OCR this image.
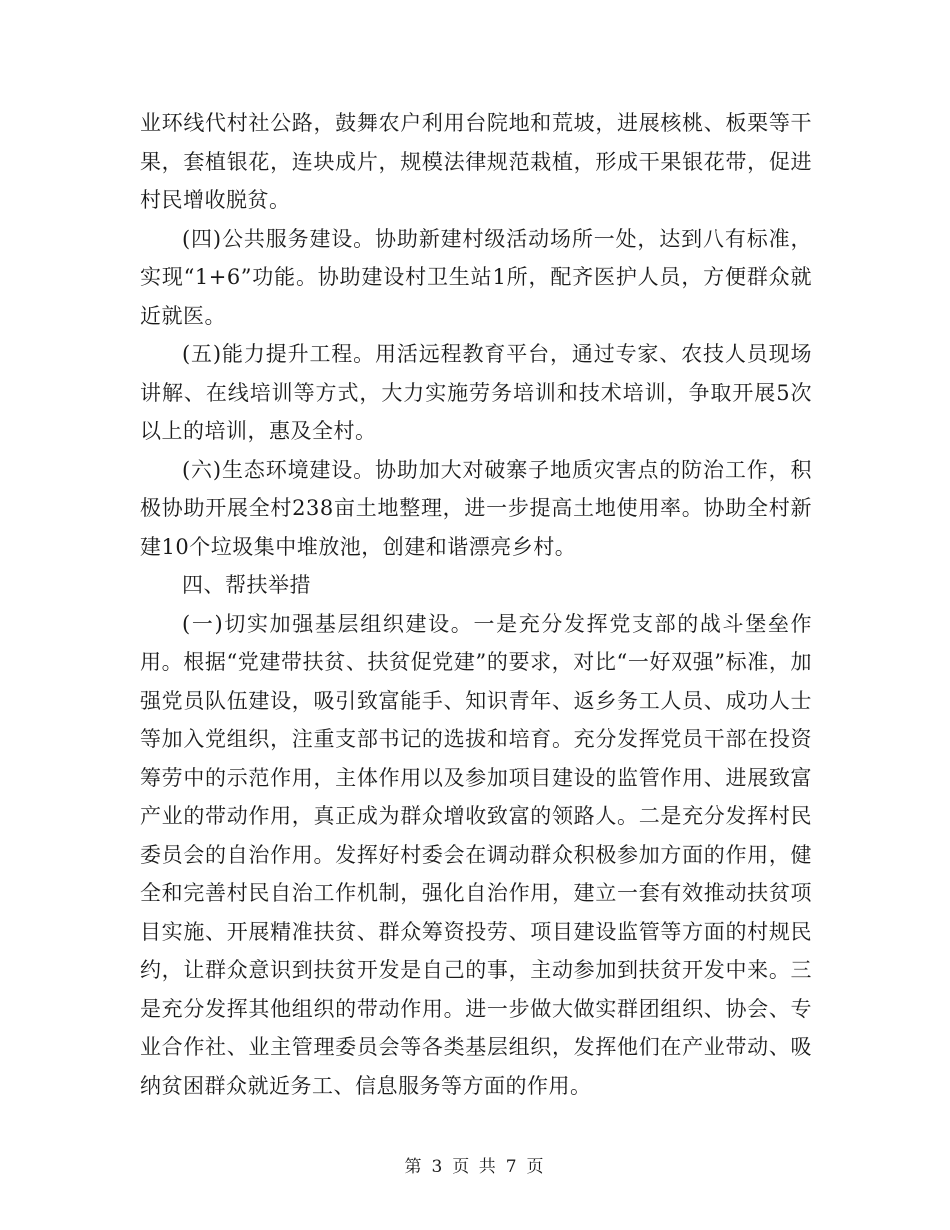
业环线代村社公路，鼓舞农户利用台院地和荒坡，进展核桃、板栗等干果，套植银花，连块成片，规模法律规范栽植，形成干果银花带，促进村民增收脱贫。

(四)公共服务建设。协助新建村级活动场所一处，达到八有标准，实现“1+6”功能。协助建设村卫生站1所，配齐医护人员，方便群众就近就医。

(五)能力提升工程。用活远程教育平台，通过专家、农技人员现场讲解、在线培训等方式，大力实施劳务培训和技术培训，争取开展5次以上的培训，惠及全村。

(六)生态环境建设。协助加大对破寨子地质灾害点的防治工作，积极协助开展全村238亩土地整理，进一步提高土地使用率。协助全村新建10个垃圾集中堆放池，创建和谐漂亮乡村。

四、帮扶举措

(一)切实加强基层组织建设。一是充分发挥党支部的战斗堡垒作用。根据“党建带扶贫、扶贫促党建”的要求，对比“一好双强”标准，加强党员队伍建设，吸引致富能手、知识青年、返乡务工人员、成功人士等加入党组织，注重支部书记的选拔和培育。充分发挥党员干部在投资筹劳中的示范作用，主体作用以及参加项目建设的监管作用、进展致富产业的带动作用，真正成为群众增收致富的领路人。二是充分发挥村民委员会的自治作用。发挥好村委会在调动群众积极参加方面的作用，健全和完善村民自治工作机制，强化自治作用，建立一套有效推动扶贫项目实施、开展精准扶贫、群众筹资投劳、项目建设监管等方面的村规民约，让群众意识到扶贫开发是自己的事，主动参加到扶贫开发中来。三是充分发挥其他组织的带动作用。进一步做大做实群团组织、协会、专业合作社、业主管理委员会等各类基层组织，发挥他们在产业带动、吸纳贫困群众就近务工、信息服务等方面的作用。

第 3 页 共 7 页
